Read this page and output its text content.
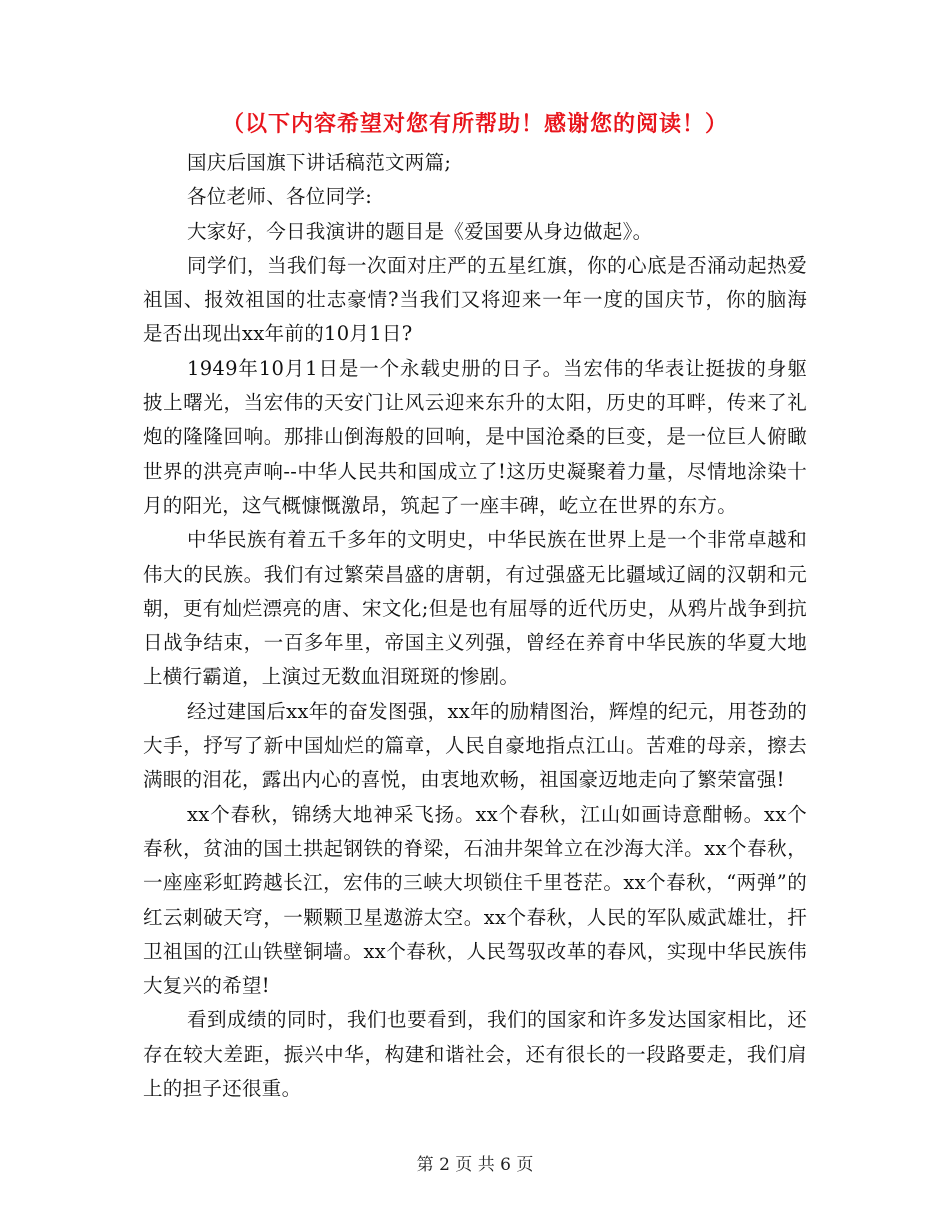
（以下内容希望对您有所帮助！感谢您的阅读！）

国庆后国旗下讲话稿范文两篇;

各位老师、各位同学:

大家好，今日我演讲的题目是《爱国要从身边做起》。

同学们，当我们每一次面对庄严的五星红旗，你的心底是否涌动起热爱祖国、报效祖国的壮志豪情?当我们又将迎来一年一度的国庆节，你的脑海是否出现出xx年前的10月1日?

1949年10月1日是一个永载史册的日子。当宏伟的华表让挺拔的身躯披上曙光，当宏伟的天安门让风云迎来东升的太阳，历史的耳畔，传来了礼炮的隆隆回响。那排山倒海般的回响，是中国沧桑的巨变，是一位巨人俯瞰世界的洪亮声响--中华人民共和国成立了!这历史凝聚着力量，尽情地涂染十月的阳光，这气概慷慨激昂，筑起了一座丰碑，屹立在世界的东方。

中华民族有着五千多年的文明史，中华民族在世界上是一个非常卓越和伟大的民族。我们有过繁荣昌盛的唐朝，有过强盛无比疆域辽阔的汉朝和元朝，更有灿烂漂亮的唐、宋文化;但是也有屈辱的近代历史，从鸦片战争到抗日战争结束，一百多年里，帝国主义列强，曾经在养育中华民族的华夏大地上横行霸道，上演过无数血泪斑斑的惨剧。

经过建国后xx年的奋发图强，xx年的励精图治，辉煌的纪元，用苍劲的大手，抒写了新中国灿烂的篇章，人民自豪地指点江山。苦难的母亲，擦去满眼的泪花，露出内心的喜悦，由衷地欢畅，祖国豪迈地走向了繁荣富强!

xx个春秋，锦绣大地神采飞扬。xx个春秋，江山如画诗意酣畅。xx个春秋，贫油的国土拱起钢铁的脊梁，石油井架耸立在沙海大洋。xx个春秋，一座座彩虹跨越长江，宏伟的三峡大坝锁住千里苍茫。xx个春秋，“两弹”的红云刺破天穹，一颗颗卫星遨游太空。xx个春秋，人民的军队威武雄壮，扞卫祖国的江山铁壁铜墙。xx个春秋，人民驾驭改革的春风，实现中华民族伟大复兴的希望!

看到成绩的同时，我们也要看到，我们的国家和许多发达国家相比，还存在较大差距，振兴中华，构建和谐社会，还有很长的一段路要走，我们肩上的担子还很重。

第 2 页 共 6 页
